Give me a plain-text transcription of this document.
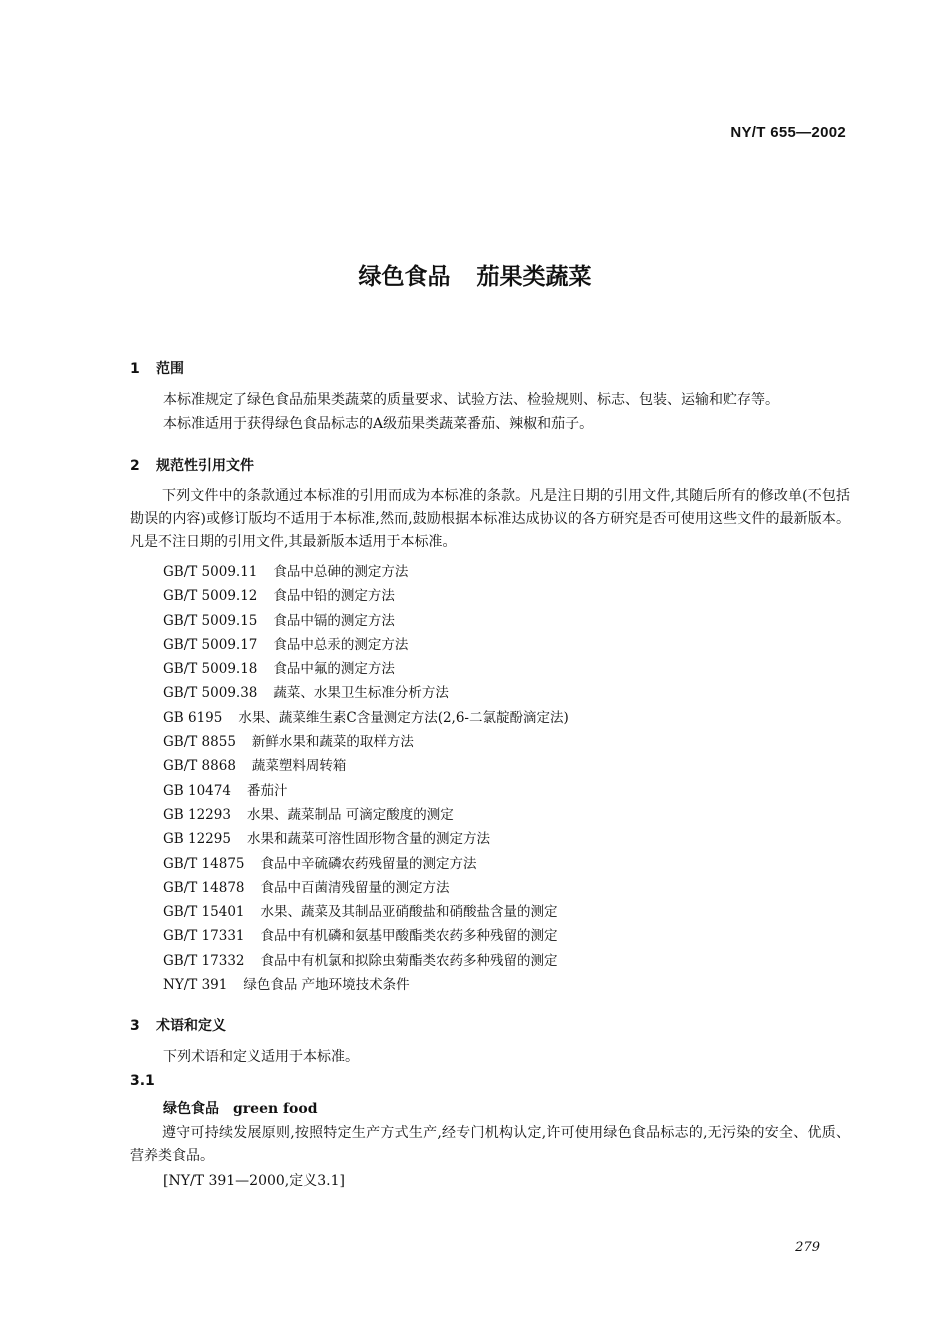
NY/T 655—2002
绿色食品 茄果类蔬菜
1 范围

本标准规定了绿色食品茄果类蔬菜的质量要求、试验方法、检验规则、标志、包装、运输和贮存等。

本标准适用于获得绿色食品标志的A级茄果类蔬菜番茄、辣椒和茄子。

2 规范性引用文件

下列文件中的条款通过本标准的引用而成为本标准的条款。凡是注日期的引用文件,其随后所有的修改单(不包括勘误的内容)或修订版均不适用于本标准,然而,鼓励根据本标准达成协议的各方研究是否可使用这些文件的最新版本。凡是不注日期的引用文件,其最新版本适用于本标准。

GB/T 5009.11 食品中总砷的测定方法
GB/T 5009.12 食品中铅的测定方法
GB/T 5009.15 食品中镉的测定方法
GB/T 5009.17 食品中总汞的测定方法
GB/T 5009.18 食品中氟的测定方法
GB/T 5009.38 蔬菜、水果卫生标准分析方法
GB 6195 水果、蔬菜维生素C含量测定方法(2,6-二氯靛酚滴定法)
GB/T 8855 新鲜水果和蔬菜的取样方法
GB/T 8868 蔬菜塑料周转箱
GB 10474 番茄汁
GB 12293 水果、蔬菜制品 可滴定酸度的测定
GB 12295 水果和蔬菜可溶性固形物含量的测定方法
GB/T 14875 食品中辛硫磷农药残留量的测定方法
GB/T 14878 食品中百菌清残留量的测定方法
GB/T 15401 水果、蔬菜及其制品亚硝酸盐和硝酸盐含量的测定
GB/T 17331 食品中有机磷和氨基甲酸酯类农药多种残留的测定
GB/T 17332 食品中有机氯和拟除虫菊酯类农药多种残留的测定
NY/T 391 绿色食品 产地环境技术条件
3 术语和定义

下列术语和定义适用于本标准。

3.1
绿色食品 green food

遵守可持续发展原则,按照特定生产方式生产,经专门机构认定,许可使用绿色食品标志的,无污染的安全、优质、营养类食品。

[NY/T 391—2000,定义3.1]

279
